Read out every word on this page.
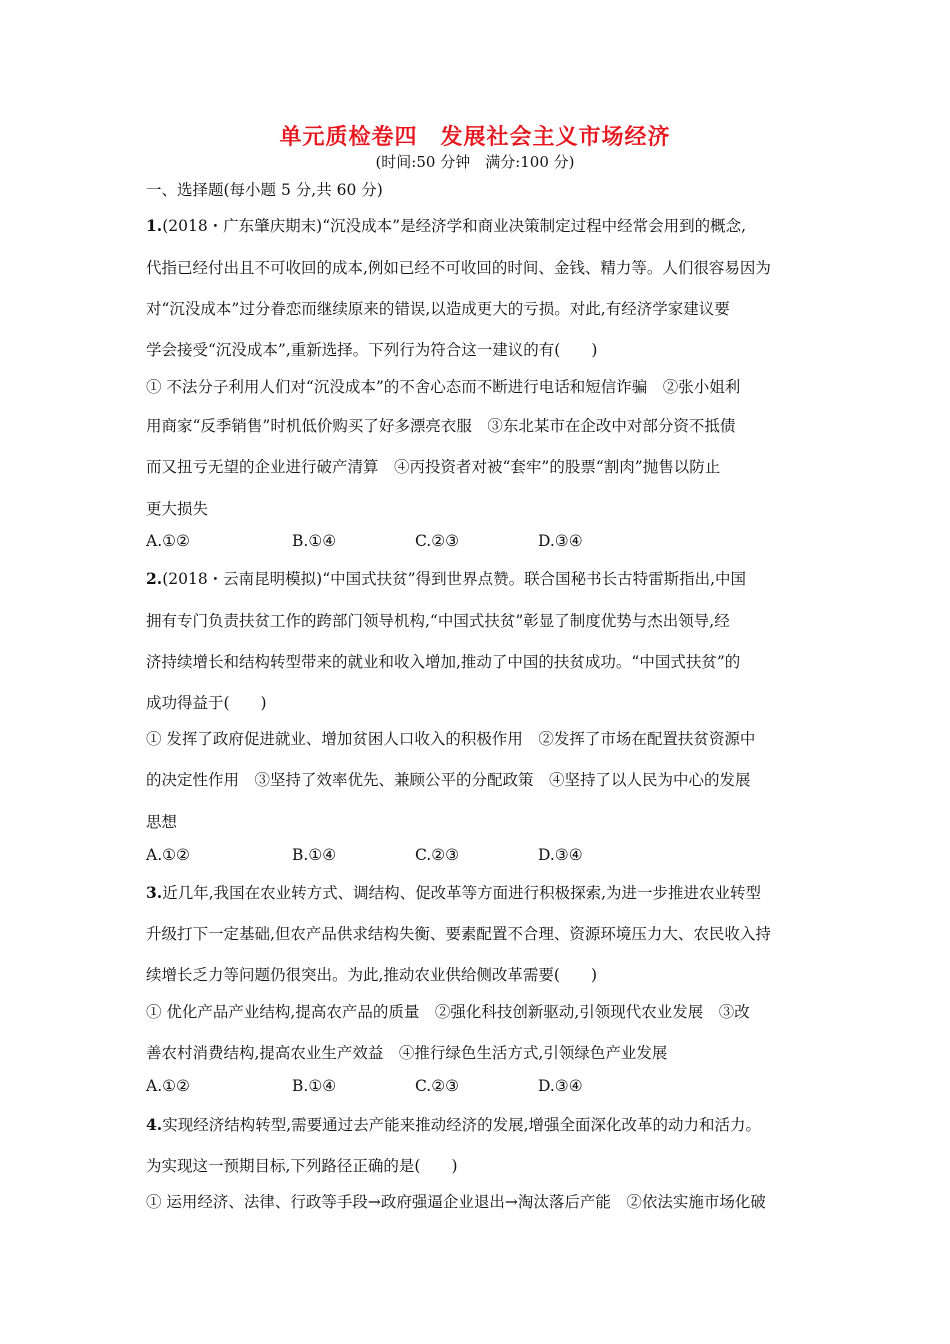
单元质检卷四　发展社会主义市场经济
(时间:50 分钟　满分:100 分)
一、选择题(每小题 5 分,共 60 分)
1.(2018・广东肇庆期末)“沉没成本”是经济学和商业决策制定过程中经常会用到的概念,
代指已经付出且不可收回的成本,例如已经不可收回的时间、金钱、精力等。人们很容易因为
对“沉没成本”过分眷恋而继续原来的错误,以造成更大的亏损。对此,有经济学家建议要
学会接受“沉没成本”,重新选择。下列行为符合这一建议的有(　　)
① 不法分子利用人们对“沉没成本”的不舍心态而不断进行电话和短信诈骗　②张小姐利
用商家“反季销售”时机低价购买了好多漂亮衣服　③东北某市在企改中对部分资不抵债
而又扭亏无望的企业进行破产清算　④丙投资者对被“套牢”的股票“割肉”抛售以防止
更大损失
A.①②	B.①④	C.②③	D.③④
2.(2018・云南昆明模拟)“中国式扶贫”得到世界点赞。联合国秘书长古特雷斯指出,中国
拥有专门负责扶贫工作的跨部门领导机构,“中国式扶贫”彰显了制度优势与杰出领导,经
济持续增长和结构转型带来的就业和收入增加,推动了中国的扶贫成功。“中国式扶贫”的
成功得益于(　　)
① 发挥了政府促进就业、增加贫困人口收入的积极作用　②发挥了市场在配置扶贫资源中
的决定性作用　③坚持了效率优先、兼顾公平的分配政策　④坚持了以人民为中心的发展
思想
A.①②	B.①④	C.②③	D.③④
3.近几年,我国在农业转方式、调结构、促改革等方面进行积极探索,为进一步推进农业转型
升级打下一定基础,但农产品供求结构失衡、要素配置不合理、资源环境压力大、农民收入持
续增长乏力等问题仍很突出。为此,推动农业供给侧改革需要(　　)
① 优化产品产业结构,提高农产品的质量　②强化科技创新驱动,引领现代农业发展　③改
善农村消费结构,提高农业生产效益　④推行绿色生活方式,引领绿色产业发展
A.①②	B.①④	C.②③	D.③④
4.实现经济结构转型,需要通过去产能来推动经济的发展,增强全面深化改革的动力和活力。
为实现这一预期目标,下列路径正确的是(　　)
① 运用经济、法律、行政等手段→政府强逼企业退出→淘汰落后产能　②依法实施市场化破
